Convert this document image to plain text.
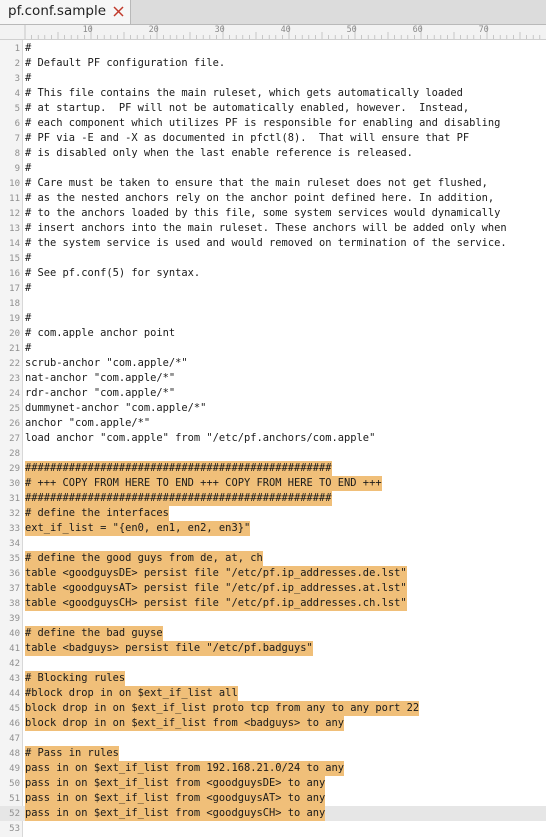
pf.conf.sample
10	20	30	40	50	60	70
1 #
2 # Default PF configuration file.
3 #
4 # This file contains the main ruleset, which gets automatically loaded
5 # at startup.  PF will not be automatically enabled, however.  Instead,
6 # each component which utilizes PF is responsible for enabling and disabling
7 # PF via -E and -X as documented in pfctl(8).  That will ensure that PF
8 # is disabled only when the last enable reference is released.
9 #
10 # Care must be taken to ensure that the main ruleset does not get flushed,
11 # as the nested anchors rely on the anchor point defined here. In addition,
12 # to the anchors loaded by this file, some system services would dynamically
13 # insert anchors into the main ruleset. These anchors will be added only when
14 # the system service is used and would removed on termination of the service.
15 #
16 # See pf.conf(5) for syntax.
17 #
18
19 #
20 # com.apple anchor point
21 #
22 scrub-anchor "com.apple/*"
23 nat-anchor "com.apple/*"
24 rdr-anchor "com.apple/*"
25 dummynet-anchor "com.apple/*"
26 anchor "com.apple/*"
27 load anchor "com.apple" from "/etc/pf.anchors/com.apple"
28
29 #################################################
30 # +++ COPY FROM HERE TO END +++ COPY FROM HERE TO END +++
31 #################################################
32 # define the interfaces
33 ext_if_list = "{en0, en1, en2, en3}"
34
35 # define the good guys from de, at, ch
36 table <goodguysDE> persist file "/etc/pf.ip_addresses.de.lst"
37 table <goodguysAT> persist file "/etc/pf.ip_addresses.at.lst"
38 table <goodguysCH> persist file "/etc/pf.ip_addresses.ch.lst"
39
40 # define the bad guyse
41 table <badguys> persist file "/etc/pf.badguys"
42
43 # Blocking rules
44 #block drop in on $ext_if_list all
45 block drop in on $ext_if_list proto tcp from any to any port 22
46 block drop in on $ext_if_list from <badguys> to any
47
48 # Pass in rules
49 pass in on $ext_if_list from 192.168.21.0/24 to any
50 pass in on $ext_if_list from <goodguysDE> to any
51 pass in on $ext_if_list from <goodguysAT> to any
52 pass in on $ext_if_list from <goodguysCH> to any
53
